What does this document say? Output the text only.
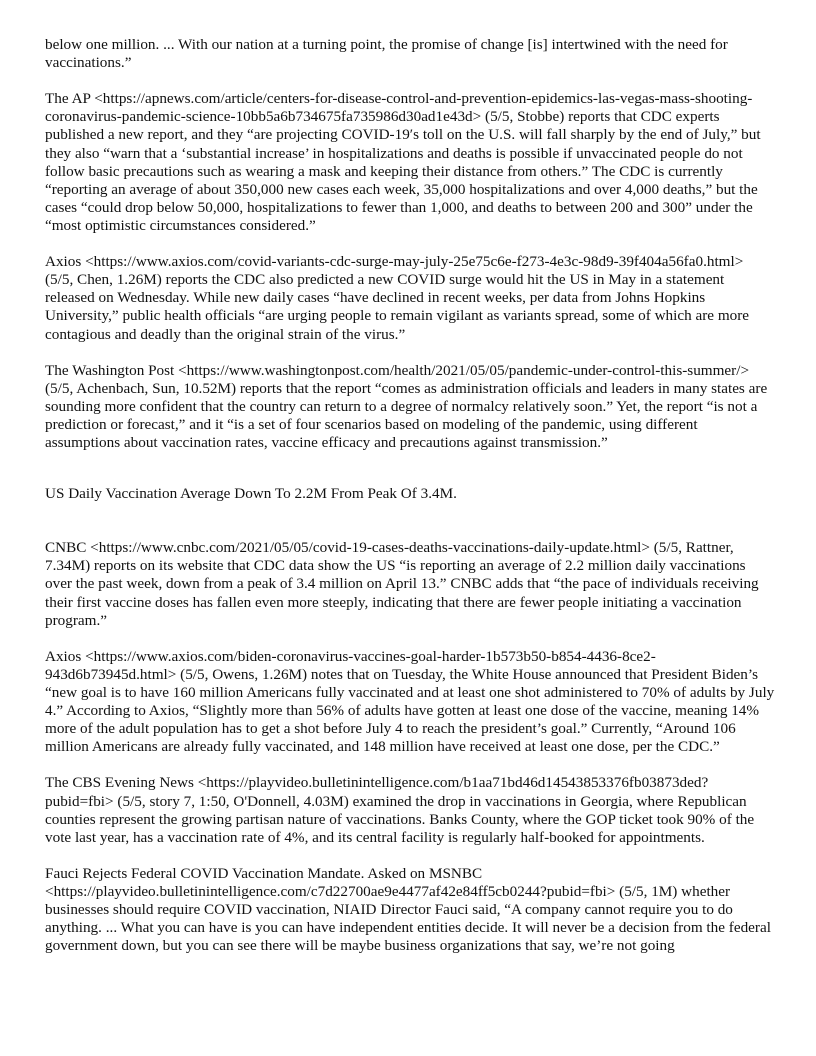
below one million. ... With our nation at a turning point, the promise of change [is] intertwined with the need for vaccinations.”

The AP <https://apnews.com/article/centers-for-disease-control-and-prevention-epidemics-las-vegas-mass-shooting-coronavirus-pandemic-science-10bb5a6b734675fa735986d30ad1e43d> (5/5, Stobbe) reports that CDC experts published a new report, and they “are projecting COVID-19′s toll on the U.S. will fall sharply by the end of July,” but they also “warn that a ‘substantial increase’ in hospitalizations and deaths is possible if unvaccinated people do not follow basic precautions such as wearing a mask and keeping their distance from others.” The CDC is currently “reporting an average of about 350,000 new cases each week, 35,000 hospitalizations and over 4,000 deaths,” but the cases “could drop below 50,000, hospitalizations to fewer than 1,000, and deaths to between 200 and 300” under the “most optimistic circumstances considered.”

Axios <https://www.axios.com/covid-variants-cdc-surge-may-july-25e75c6e-f273-4e3c-98d9-39f404a56fa0.html> (5/5, Chen, 1.26M) reports the CDC also predicted a new COVID surge would hit the US in May in a statement released on Wednesday. While new daily cases “have declined in recent weeks, per data from Johns Hopkins University,” public health officials “are urging people to remain vigilant as variants spread, some of which are more contagious and deadly than the original strain of the virus.”

The Washington Post <https://www.washingtonpost.com/health/2021/05/05/pandemic-under-control-this-summer/> (5/5, Achenbach, Sun, 10.52M) reports that the report “comes as administration officials and leaders in many states are sounding more confident that the country can return to a degree of normalcy relatively soon.” Yet, the report “is not a prediction or forecast,” and it “is a set of four scenarios based on modeling of the pandemic, using different assumptions about vaccination rates, vaccine efficacy and precautions against transmission.”

US Daily Vaccination Average Down To 2.2M From Peak Of 3.4M.

CNBC <https://www.cnbc.com/2021/05/05/covid-19-cases-deaths-vaccinations-daily-update.html> (5/5, Rattner, 7.34M) reports on its website that CDC data show the US “is reporting an average of 2.2 million daily vaccinations over the past week, down from a peak of 3.4 million on April 13.” CNBC adds that “the pace of individuals receiving their first vaccine doses has fallen even more steeply, indicating that there are fewer people initiating a vaccination program.”

Axios <https://www.axios.com/biden-coronavirus-vaccines-goal-harder-1b573b50-b854-4436-8ce2-943d6b73945d.html> (5/5, Owens, 1.26M) notes that on Tuesday, the White House announced that President Biden’s “new goal is to have 160 million Americans fully vaccinated and at least one shot administered to 70% of adults by July 4.” According to Axios, “Slightly more than 56% of adults have gotten at least one dose of the vaccine, meaning 14% more of the adult population has to get a shot before July 4 to reach the president’s goal.” Currently, “Around 106 million Americans are already fully vaccinated, and 148 million have received at least one dose, per the CDC.”

The CBS Evening News <https://playvideo.bulletinintelligence.com/b1aa71bd46d14543853376fb03873ded?pubid=fbi> (5/5, story 7, 1:50, O'Donnell, 4.03M) examined the drop in vaccinations in Georgia, where Republican counties represent the growing partisan nature of vaccinations. Banks County, where the GOP ticket took 90% of the vote last year, has a vaccination rate of 4%, and its central facility is regularly half-booked for appointments.

Fauci Rejects Federal COVID Vaccination Mandate. Asked on MSNBC <https://playvideo.bulletinintelligence.com/c7d22700ae9e4477af42e84ff5cb0244?pubid=fbi> (5/5, 1M) whether businesses should require COVID vaccination, NIAID Director Fauci said, “A company cannot require you to do anything. ... What you can have is you can have independent entities decide. It will never be a decision from the federal government down, but you can see there will be maybe business organizations that say, we’re not going
